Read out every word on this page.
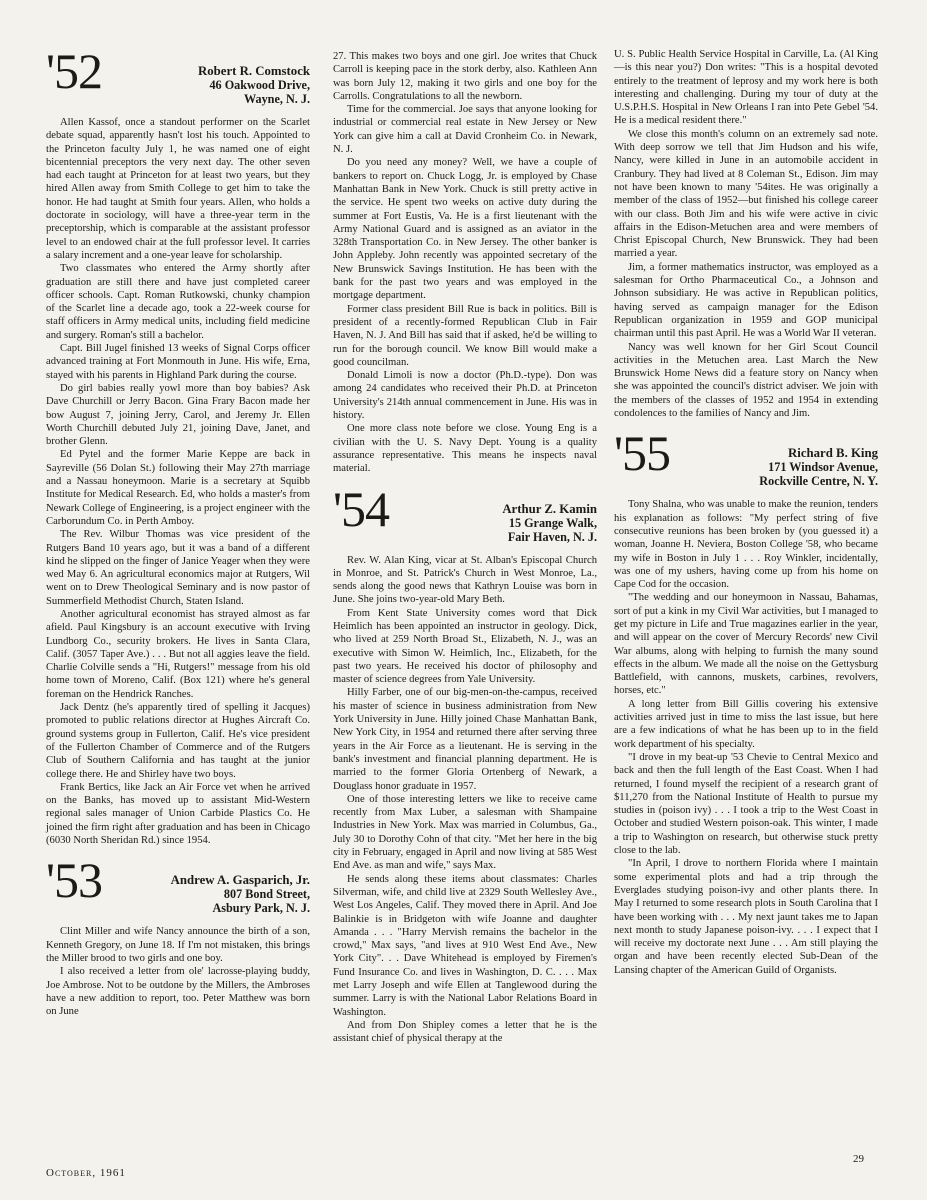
'52	Robert R. Comstock
46 Oakwood Drive,
Wayne, N. J.

Allen Kassof, once a standout performer on the Scarlet debate squad, apparently hasn't lost his touch. Appointed to the Princeton faculty July 1, he was named one of eight bicentennial preceptors the very next day. The other seven had each taught at Princeton for at least two years, but they hired Allen away from Smith College to get him to take the honor. He had taught at Smith four years. Allen, who holds a doctorate in sociology, will have a three-year term in the preceptorship, which is comparable at the assistant professor level to an endowed chair at the full professor level. It carries a salary increment and a one-year leave for scholarship.

Two classmates who entered the Army shortly after graduation are still there and have just completed career officer schools. Capt. Roman Rutkowski, chunky champion of the Scarlet line a decade ago, took a 22-week course for staff officers in Army medical units, including field medicine and surgery. Roman's still a bachelor.

Capt. Bill Jugel finished 13 weeks of Signal Corps officer advanced training at Fort Monmouth in June. His wife, Erna, stayed with his parents in Highland Park during the course.

Do girl babies really yowl more than boy babies? Ask Dave Churchill or Jerry Bacon. Gina Frary Bacon made her bow August 7, joining Jerry, Carol, and Jeremy Jr. Ellen Worth Churchill debuted July 21, joining Dave, Janet, and brother Glenn.

Ed Pytel and the former Marie Keppe are back in Sayreville (56 Dolan St.) following their May 27th marriage and a Nassau honeymoon. Marie is a secretary at Squibb Institute for Medical Research. Ed, who holds a master's from Newark College of Engineering, is a project engineer with the Carborundum Co. in Perth Amboy.

The Rev. Wilbur Thomas was vice president of the Rutgers Band 10 years ago, but it was a band of a different kind he slipped on the finger of Janice Yeager when they were wed May 6. An agricultural economics major at Rutgers, Wil went on to Drew Theological Seminary and is now pastor of Summerfield Methodist Church, Staten Island.

Another agricultural economist has strayed almost as far afield. Paul Kingsbury is an account executive with Irving Lundborg Co., security brokers. He lives in Santa Clara, Calif. (3057 Taper Ave.) . . . But not all aggies leave the field. Charlie Colville sends a "Hi, Rutgers!" message from his old home town of Moreno, Calif. (Box 121) where he's general foreman on the Hendrick Ranches.

Jack Dentz (he's apparently tired of spelling it Jacques) promoted to public relations director at Hughes Aircraft Co. ground systems group in Fullerton, Calif. He's vice president of the Fullerton Chamber of Commerce and of the Rutgers Club of Southern California and has taught at the junior college there. He and Shirley have two boys.

Frank Bertics, like Jack an Air Force vet when he arrived on the Banks, has moved up to assistant Mid-Western regional sales manager of Union Carbide Plastics Co. He joined the firm right after graduation and has been in Chicago (6030 North Sheridan Rd.) since 1954.

'53	Andrew A. Gasparich, Jr.
807 Bond Street,
Asbury Park, N. J.

Clint Miller and wife Nancy announce the birth of a son, Kenneth Gregory, on June 18. If I'm not mistaken, this brings the Miller brood to two girls and one boy.

I also received a letter from ole' lacrosse-playing buddy, Joe Ambrose. Not to be outdone by the Millers, the Ambroses have a new addition to report, too. Peter Matthew was born on June

27. This makes two boys and one girl. Joe writes that Chuck Carroll is keeping pace in the stork derby, also. Kathleen Ann was born July 12, making it two girls and one boy for the Carrolls. Congratulations to all the newborn.

Time for the commercial. Joe says that anyone looking for industrial or commercial real estate in New Jersey or New York can give him a call at David Cronheim Co. in Newark, N. J.

Do you need any money? Well, we have a couple of bankers to report on. Chuck Logg, Jr. is employed by Chase Manhattan Bank in New York. Chuck is still pretty active in the service. He spent two weeks on active duty during the summer at Fort Eustis, Va. He is a first lieutenant with the Army National Guard and is assigned as an aviator in the 328th Transportation Co. in New Jersey. The other banker is John Appleby. John recently was appointed secretary of the New Brunswick Savings Institution. He has been with the bank for the past two years and was employed in the mortgage department.

Former class president Bill Rue is back in politics. Bill is president of a recently-formed Republican Club in Fair Haven, N. J. And Bill has said that if asked, he'd be willing to run for the borough council. We know Bill would make a good councilman.

Donald Limoli is now a doctor (Ph.D.-type). Don was among 24 candidates who received their Ph.D. at Princeton University's 214th annual commencement in June. His was in history.

One more class note before we close. Young Eng is a civilian with the U. S. Navy Dept. Young is a quality assurance representative. This means he inspects naval material.

'54	Arthur Z. Kamin
15 Grange Walk,
Fair Haven, N. J.

Rev. W. Alan King, vicar at St. Alban's Episcopal Church in Monroe, and St. Patrick's Church in West Monroe, La., sends along the good news that Kathryn Louise was born in June. She joins two-year-old Mary Beth.

From Kent State University comes word that Dick Heimlich has been appointed an instructor in geology. Dick, who lived at 259 North Broad St., Elizabeth, N. J., was an executive with Simon W. Heimlich, Inc., Elizabeth, for the past two years. He received his doctor of philosophy and master of science degrees from Yale University.

Hilly Farber, one of our big-men-on-the-campus, received his master of science in business administration from New York University in June. Hilly joined Chase Manhattan Bank, New York City, in 1954 and returned there after serving three years in the Air Force as a lieutenant. He is serving in the bank's investment and financial planning department. He is married to the former Gloria Ortenberg of Newark, a Douglass honor graduate in 1957.

One of those interesting letters we like to receive came recently from Max Luber, a salesman with Shampaine Industries in New York. Max was married in Columbus, Ga., July 30 to Dorothy Cohn of that city. "Met her here in the big city in February, engaged in April and now living at 585 West End Ave. as man and wife," says Max.

He sends along these items about classmates: Charles Silverman, wife, and child live at 2329 South Wellesley Ave., West Los Angeles, Calif. They moved there in April. And Joe Balinkie is in Bridgeton with wife Joanne and daughter Amanda . . . "Harry Mervish remains the bachelor in the crowd," Max says, "and lives at 910 West End Ave., New York City". . . Dave Whitehead is employed by Firemen's Fund Insurance Co. and lives in Washington, D. C. . . . Max met Larry Joseph and wife Ellen at Tanglewood during the summer. Larry is with the National Labor Relations Board in Washington.

And from Don Shipley comes a letter that he is the assistant chief of physical therapy at the

U. S. Public Health Service Hospital in Carville, La. (Al King—is this near you?) Don writes: "This is a hospital devoted entirely to the treatment of leprosy and my work here is both interesting and challenging. During my tour of duty at the U.S.P.H.S. Hospital in New Orleans I ran into Pete Gebel '54. He is a medical resident there."

We close this month's column on an extremely sad note. With deep sorrow we tell that Jim Hudson and his wife, Nancy, were killed in June in an automobile accident in Cranbury. They had lived at 8 Coleman St., Edison. Jim may not have been known to many '54ites. He was originally a member of the class of 1952—but finished his college career with our class. Both Jim and his wife were active in civic affairs in the Edison-Metuchen area and were members of Christ Episcopal Church, New Brunswick. They had been married a year.

Jim, a former mathematics instructor, was employed as a salesman for Ortho Pharmaceutical Co., a Johnson and Johnson subsidiary. He was active in Republican politics, having served as campaign manager for the Edison Republican organization in 1959 and GOP municipal chairman until this past April. He was a World War II veteran.

Nancy was well known for her Girl Scout Council activities in the Metuchen area. Last March the New Brunswick Home News did a feature story on Nancy when she was appointed the council's district adviser. We join with the members of the classes of 1952 and 1954 in extending condolences to the families of Nancy and Jim.

'55	Richard B. King
171 Windsor Avenue,
Rockville Centre, N. Y.

Tony Shalna, who was unable to make the reunion, tenders his explanation as follows: "My perfect string of five consecutive reunions has been broken by (you guessed it) a woman, Joanne H. Neviera, Boston College '58, who became my wife in Boston in July 1 . . . Roy Winkler, incidentally, was one of my ushers, having come up from his home on Cape Cod for the occasion.

"The wedding and our honeymoon in Nassau, Bahamas, sort of put a kink in my Civil War activities, but I managed to get my picture in Life and True magazines earlier in the year, and will appear on the cover of Mercury Records' new Civil War albums, along with helping to furnish the many sound effects in the album. We made all the noise on the Gettysburg Battlefield, with cannons, muskets, carbines, revolvers, horses, etc."

A long letter from Bill Gillis covering his extensive activities arrived just in time to miss the last issue, but here are a few indications of what he has been up to in the field work department of his specialty.

"I drove in my beat-up '53 Chevie to Central Mexico and back and then the full length of the East Coast. When I had returned, I found myself the recipient of a research grant of $11,270 from the National Institute of Health to pursue my studies in (poison ivy) . . . I took a trip to the West Coast in October and studied Western poison-oak. This winter, I made a trip to Washington on research, but otherwise stuck pretty close to the lab.

"In April, I drove to northern Florida where I maintain some experimental plots and had a trip through the Everglades studying poison-ivy and other plants there. In May I returned to some research plots in South Carolina that I have been working with . . . My next jaunt takes me to Japan next month to study Japanese poison-ivy. . . . I expect that I will receive my doctorate next June . . . Am still playing the organ and have been recently elected Sub-Dean of the Lansing chapter of the American Guild of Organists.

October, 1961
29
